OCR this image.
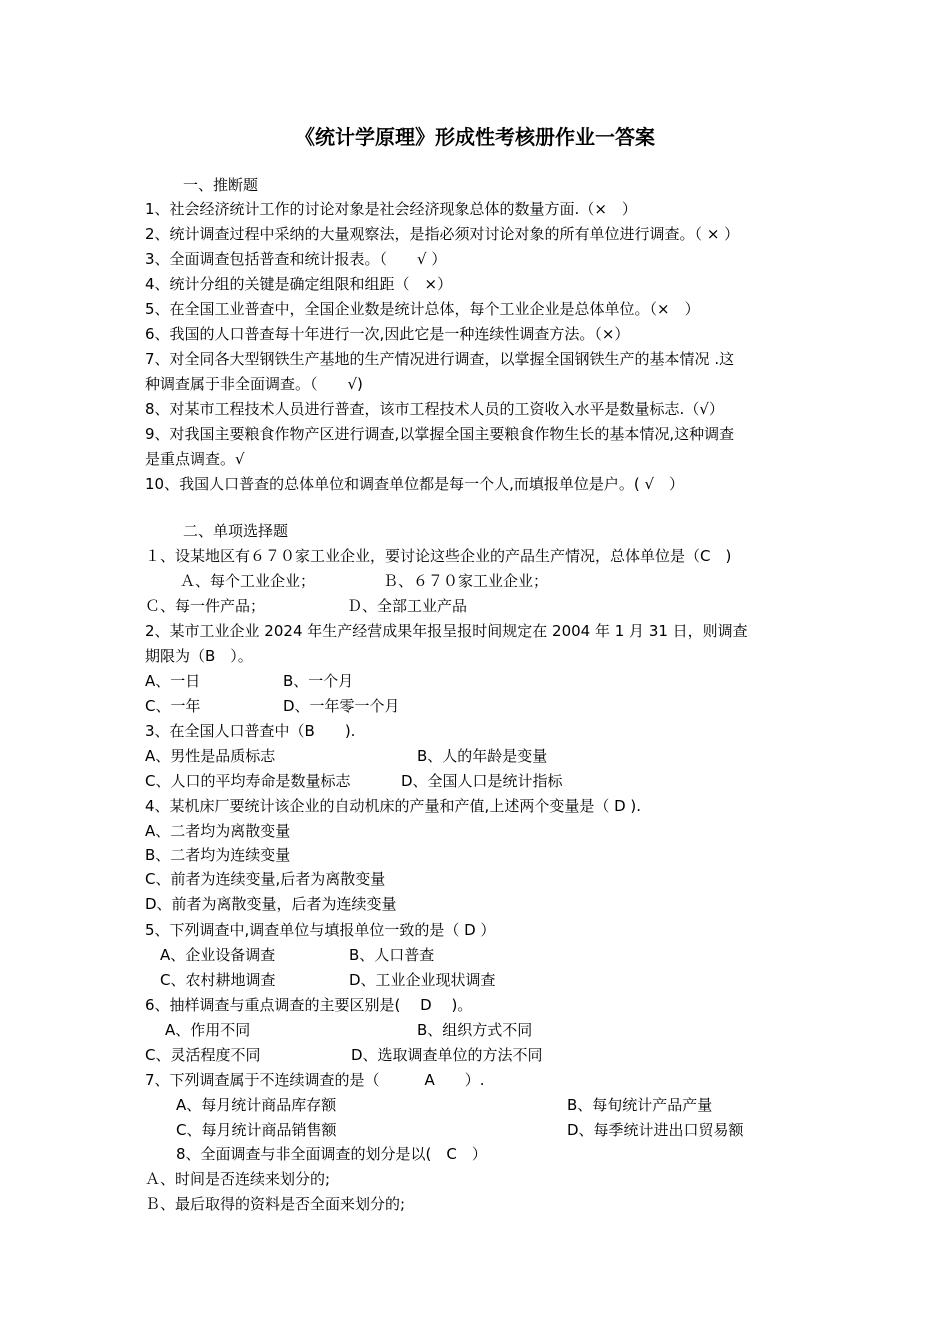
《统计学原理》形成性考核册作业一答案
一、推断题
1、社会经济统计工作的讨论对象是社会经济现象总体的数量方面.（×　）
2、统计调查过程中采纳的大量观察法，是指必须对讨论对象的所有单位进行调查。（ × ）
3、全面调查包括普查和统计报表。（　　√ ）
4、统计分组的关键是确定组限和组距（　×）
5、在全国工业普查中，全国企业数是统计总体，每个工业企业是总体单位。（×　）
6、我国的人口普查每十年进行一次,因此它是一种连续性调查方法。（×）
7、对全同各大型钢铁生产基地的生产情况进行调查，以掌握全国钢铁生产的基本情况 .这
种调查属于非全面调查。（　　√)
8、对某市工程技术人员进行普查，该市工程技术人员的工资收入水平是数量标志.（√）
9、对我国主要粮食作物产区进行调查,以掌握全国主要粮食作物生长的基本情况,这种调查
是重点调查。√
10、我国人口普查的总体单位和调查单位都是每一个人,而填报单位是户。( √　）
二、单项选择题
１、设某地区有６７０家工业企业，要讨论这些企业的产品生产情况，总体单位是（C　)
Ａ、每个工业企业；	Ｂ、６７０家工业企业；
Ｃ、每一件产品；	Ｄ、全部工业产品
2、某市工业企业 2024 年生产经营成果年报呈报时间规定在 2004 年 1 月 31 日，则调查
期限为（B　）。
A、一日	B、一个月
C、一年	D、一年零一个月
3、在全国人口普查中（B　　).
A、男性是品质标志	B、人的年龄是变量
C、人口的平均寿命是数量标志	D、全国人口是统计指标
4、某机床厂要统计该企业的自动机床的产量和产值,上述两个变量是（ D ).
A、二者均为离散变量
B、二者均为连续变量
C、前者为连续变量,后者为离散变量
D、前者为离散变量，后者为连续变量
5、下列调查中,调查单位与填报单位一致的是（ D ）
A、企业设备调查	B、人口普查
C、农村耕地调查	D、工业企业现状调查
6、抽样调查与重点调查的主要区别是(　 D　 )。
A、作用不同	B、组织方式不同
C、灵活程度不同	D、选取调查单位的方法不同
7、下列调查属于不连续调查的是（　　　A　　）.
A、每月统计商品库存额	B、每旬统计产品产量
C、每月统计商品销售额	D、每季统计进出口贸易额
8、全面调查与非全面调查的划分是以(　C　）
Ａ、时间是否连续来划分的;
Ｂ、最后取得的资料是否全面来划分的;
